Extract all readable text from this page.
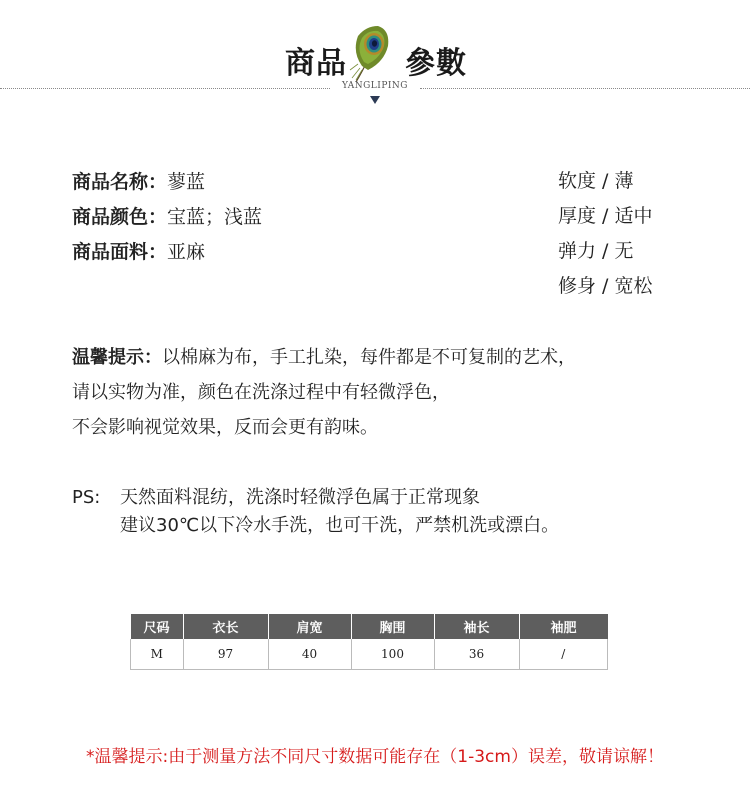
商品 參數
YANGLIPING
商品名称：蓼蓝
商品颜色：宝蓝；浅蓝
商品面料：亚麻
软度 / 薄
厚度 / 适中
弹力 / 无
修身 / 宽松
温馨提示：以棉麻为布，手工扎染，每件都是不可复制的艺术，
请以实物为准，颜色在洗涤过程中有轻微浮色，
不会影响视觉效果，反而会更有韵味。
PS: 天然面料混纺，洗涤时轻微浮色属于正常现象
建议30℃以下冷水手洗，也可干洗，严禁机洗或漂白。
尺码	衣长	肩宽	胸围	袖长	袖肥
M	97	40	100	36	/
*温馨提示:由于测量方法不同尺寸数据可能存在（1-3cm）误差，敬请谅解！
